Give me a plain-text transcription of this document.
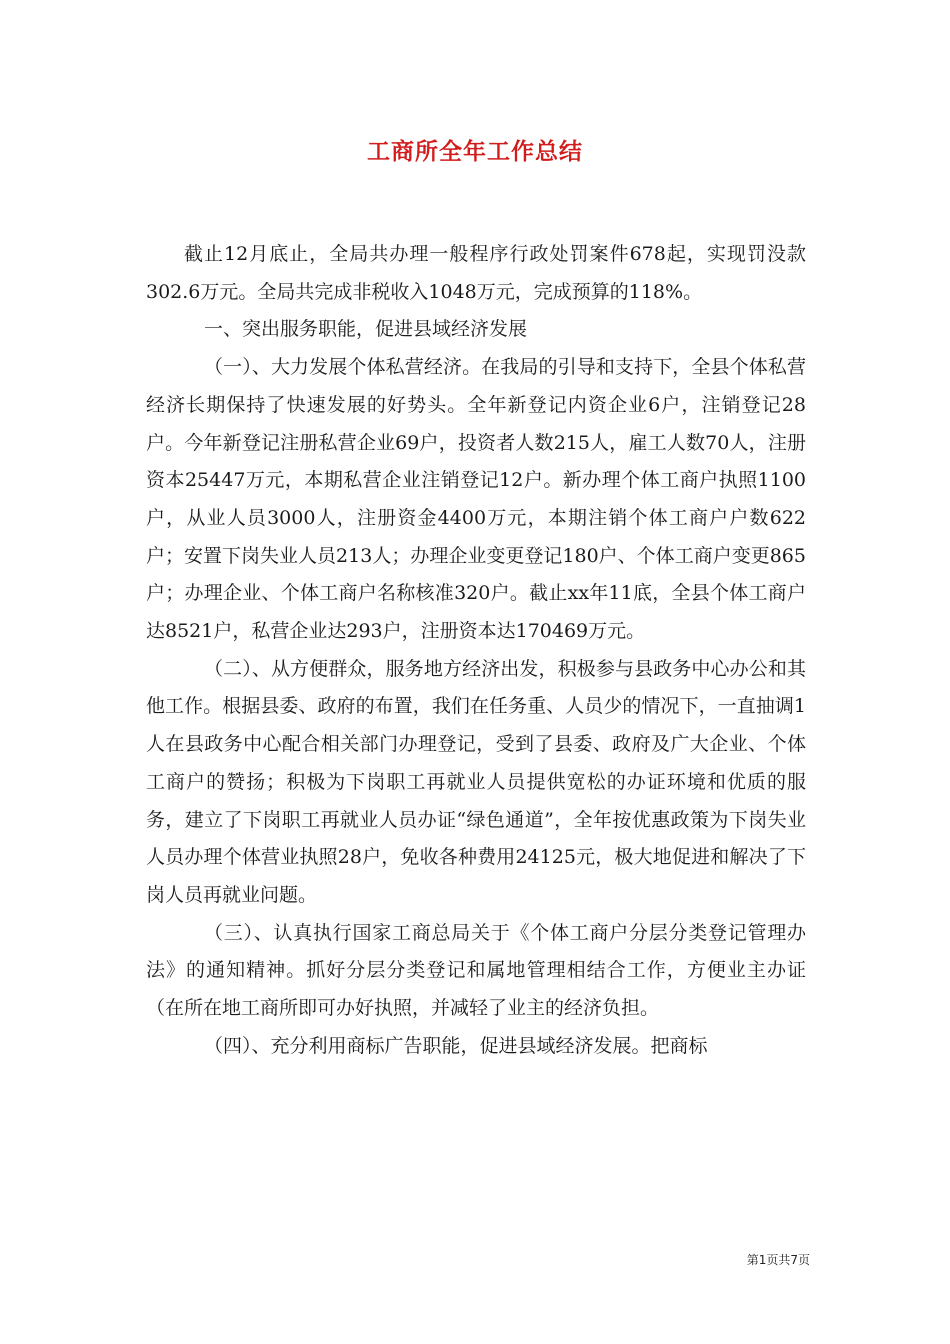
工商所全年工作总结

截止12月底止，全局共办理一般程序行政处罚案件678起，实现罚没款302.6万元。全局共完成非税收入1048万元，完成预算的118%。

一、突出服务职能，促进县域经济发展

（一）、大力发展个体私营经济。在我局的引导和支持下，全县个体私营经济长期保持了快速发展的好势头。全年新登记内资企业6户，注销登记28户。今年新登记注册私营企业69户，投资者人数215人，雇工人数70人，注册资本25447万元，本期私营企业注销登记12户。新办理个体工商户执照1100户，从业人员3000人，注册资金4400万元，本期注销个体工商户户数622户；安置下岗失业人员213人；办理企业变更登记180户、个体工商户变更865户；办理企业、个体工商户名称核准320户。截止xx年11底，全县个体工商户达8521户，私营企业达293户，注册资本达170469万元。

（二）、从方便群众，服务地方经济出发，积极参与县政务中心办公和其他工作。根据县委、政府的布置，我们在任务重、人员少的情况下，一直抽调1人在县政务中心配合相关部门办理登记，受到了县委、政府及广大企业、个体工商户的赞扬；积极为下岗职工再就业人员提供宽松的办证环境和优质的服务，建立了下岗职工再就业人员办证“绿色通道”，全年按优惠政策为下岗失业人员办理个体营业执照28户，免收各种费用24125元，极大地促进和解决了下岗人员再就业问题。

（三）、认真执行国家工商总局关于《个体工商户分层分类登记管理办法》的通知精神。抓好分层分类登记和属地管理相结合工作，方便业主办证（在所在地工商所即可办好执照，并减轻了业主的经济负担。

（四）、充分利用商标广告职能，促进县域经济发展。把商标

第1页共7页
